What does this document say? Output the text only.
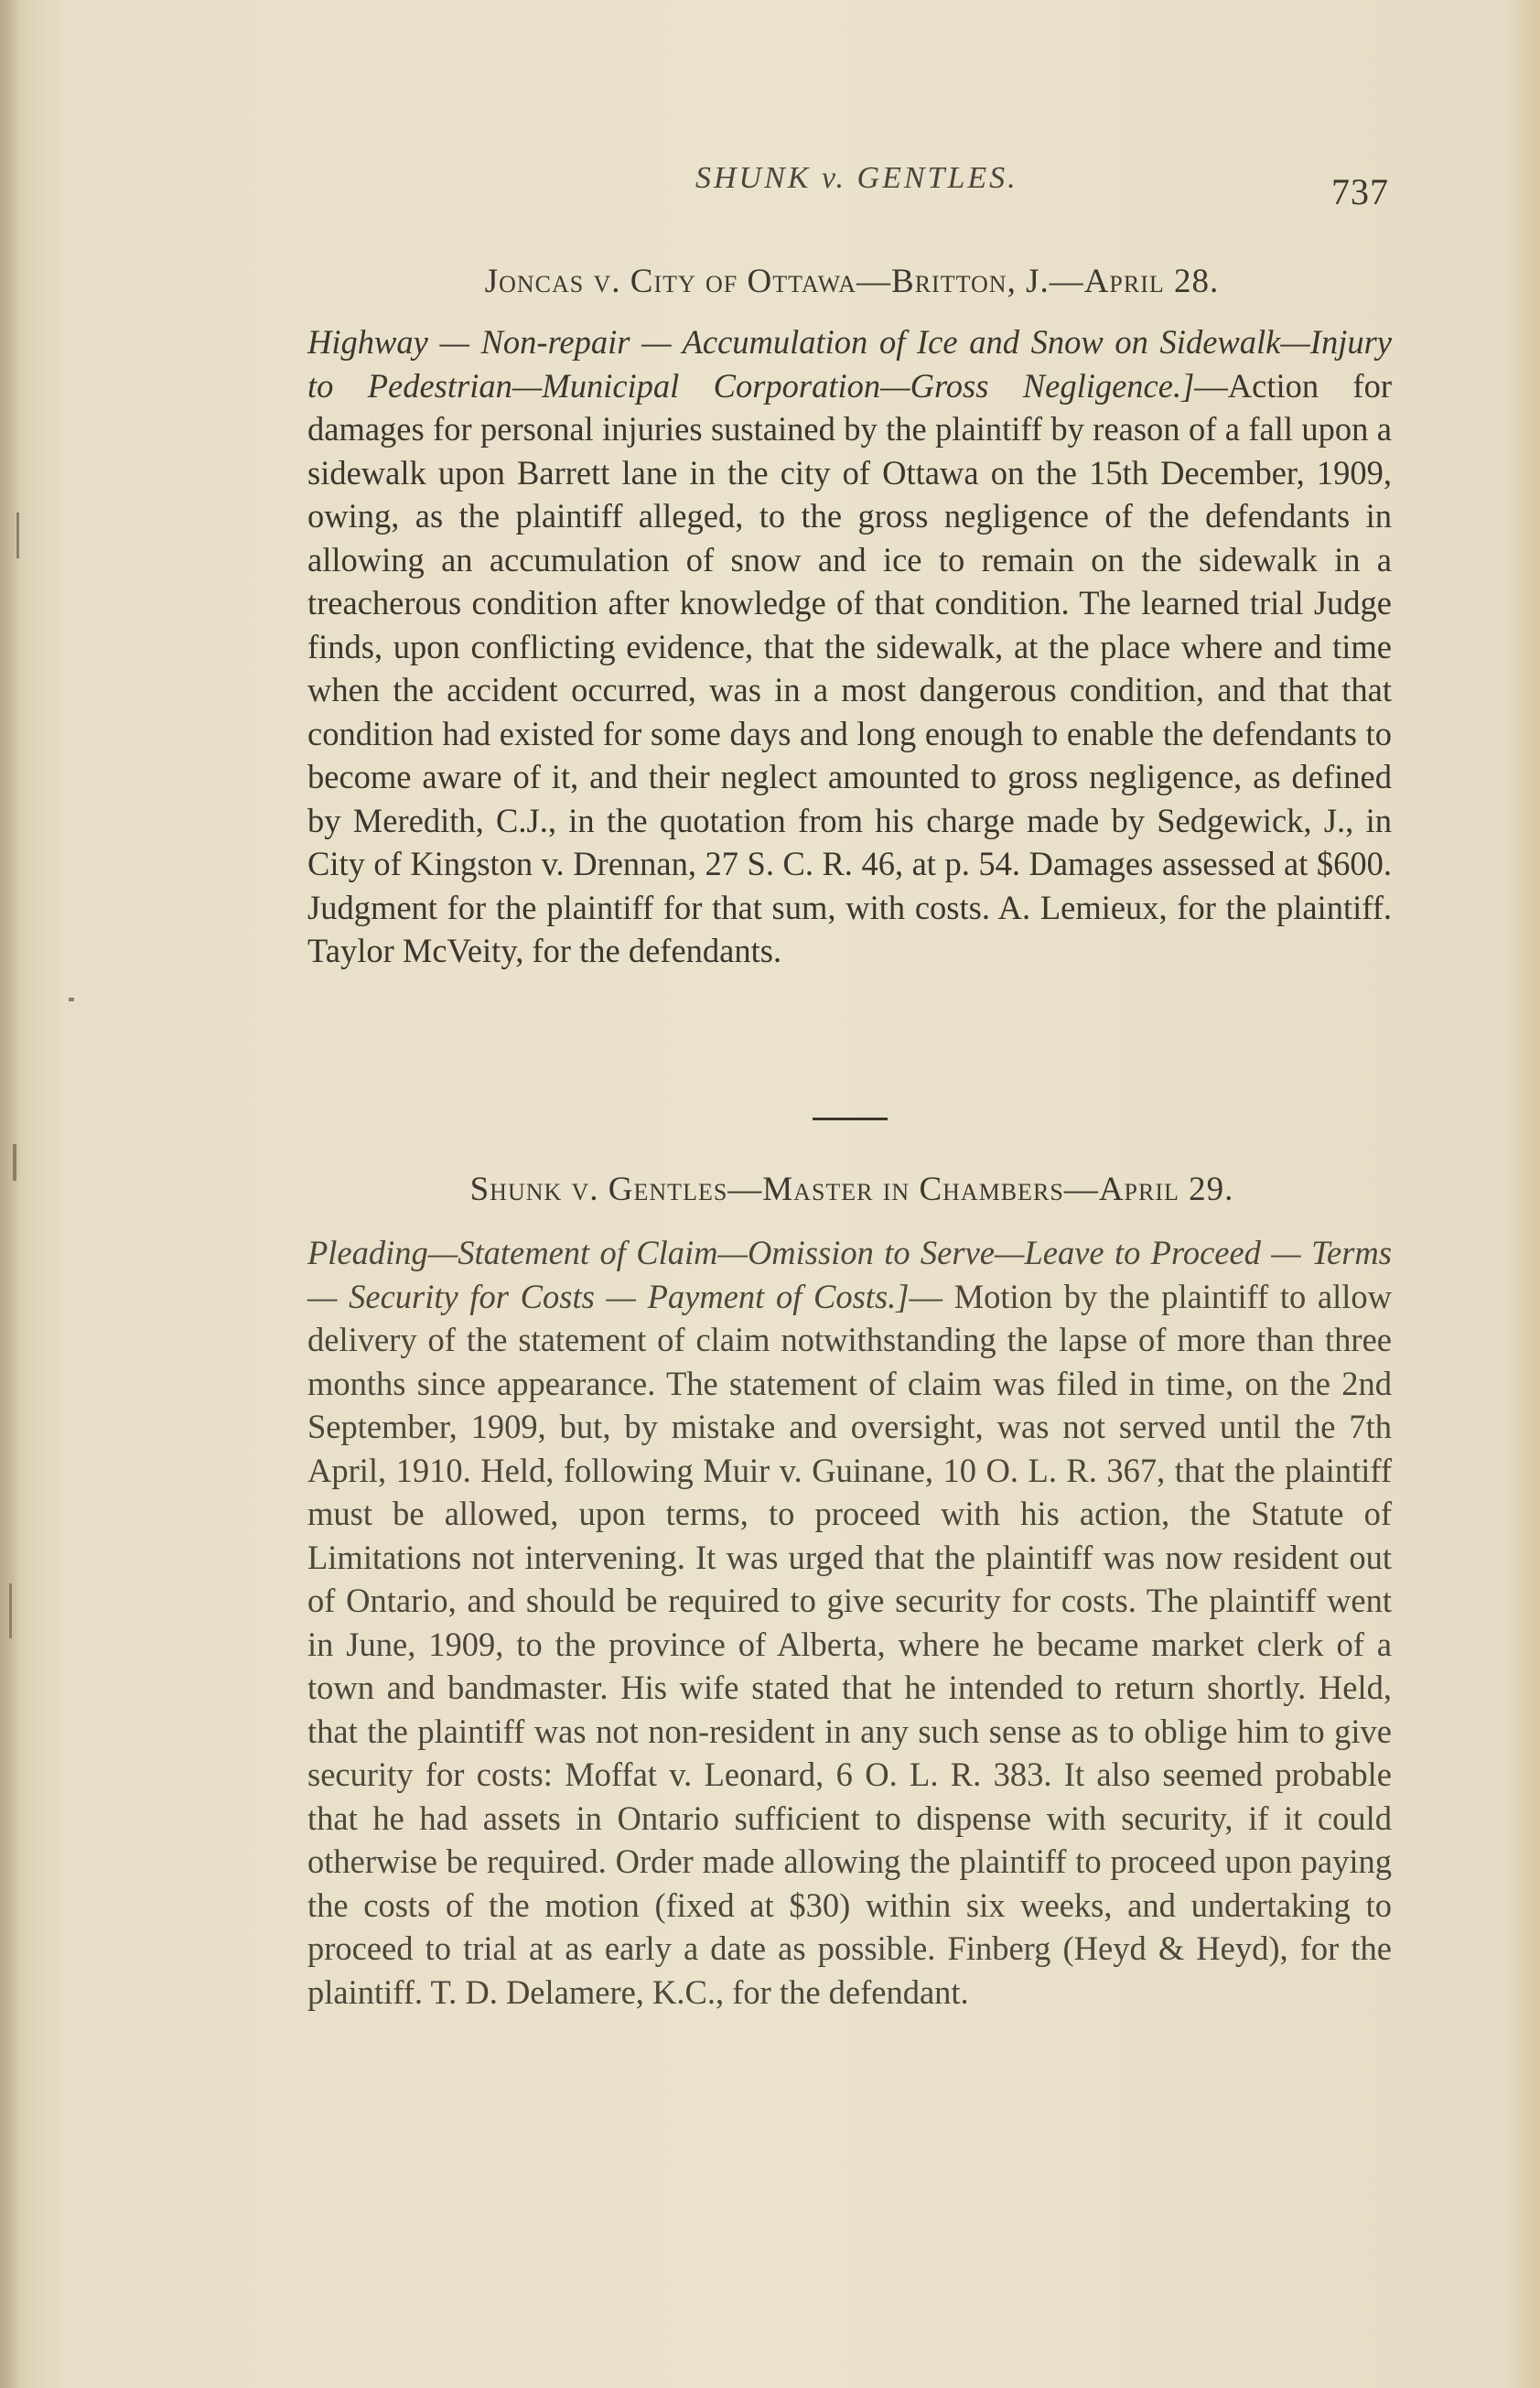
SHUNK v. GENTLES.	737
Joncas v. City of Ottawa—Britton, J.—April 28.
Highway — Non-repair — Accumulation of Ice and Snow on Sidewalk—Injury to Pedestrian—Municipal Corporation—Gross Negligence.]—Action for damages for personal injuries sustained by the plaintiff by reason of a fall upon a sidewalk upon Barrett lane in the city of Ottawa on the 15th December, 1909, owing, as the plaintiff alleged, to the gross negligence of the defendants in allowing an accumulation of snow and ice to remain on the sidewalk in a treacherous condition after knowledge of that condition. The learned trial Judge finds, upon conflicting evidence, that the sidewalk, at the place where and time when the accident occurred, was in a most dangerous condition, and that that condition had existed for some days and long enough to enable the defendants to become aware of it, and their neglect amounted to gross negligence, as defined by Meredith, C.J., in the quotation from his charge made by Sedgewick, J., in City of Kingston v. Drennan, 27 S. C. R. 46, at p. 54. Damages assessed at $600. Judgment for the plaintiff for that sum, with costs. A. Lemieux, for the plaintiff. Taylor McVeity, for the defendants.
Shunk v. Gentles—Master in Chambers—April 29.
Pleading—Statement of Claim—Omission to Serve—Leave to Proceed — Terms — Security for Costs — Payment of Costs.]— Motion by the plaintiff to allow delivery of the statement of claim notwithstanding the lapse of more than three months since appearance. The statement of claim was filed in time, on the 2nd September, 1909, but, by mistake and oversight, was not served until the 7th April, 1910. Held, following Muir v. Guinane, 10 O. L. R. 367, that the plaintiff must be allowed, upon terms, to proceed with his action, the Statute of Limitations not intervening. It was urged that the plaintiff was now resident out of Ontario, and should be required to give security for costs. The plaintiff went in June, 1909, to the province of Alberta, where he became market clerk of a town and bandmaster. His wife stated that he intended to return shortly. Held, that the plaintiff was not non-resident in any such sense as to oblige him to give security for costs: Moffat v. Leonard, 6 O. L. R. 383. It also seemed probable that he had assets in Ontario sufficient to dispense with security, if it could otherwise be required. Order made allowing the plaintiff to proceed upon paying the costs of the motion (fixed at $30) within six weeks, and undertaking to proceed to trial at as early a date as possible. Finberg (Heyd & Heyd), for the plaintiff. T. D. Delamere, K.C., for the defendant.
